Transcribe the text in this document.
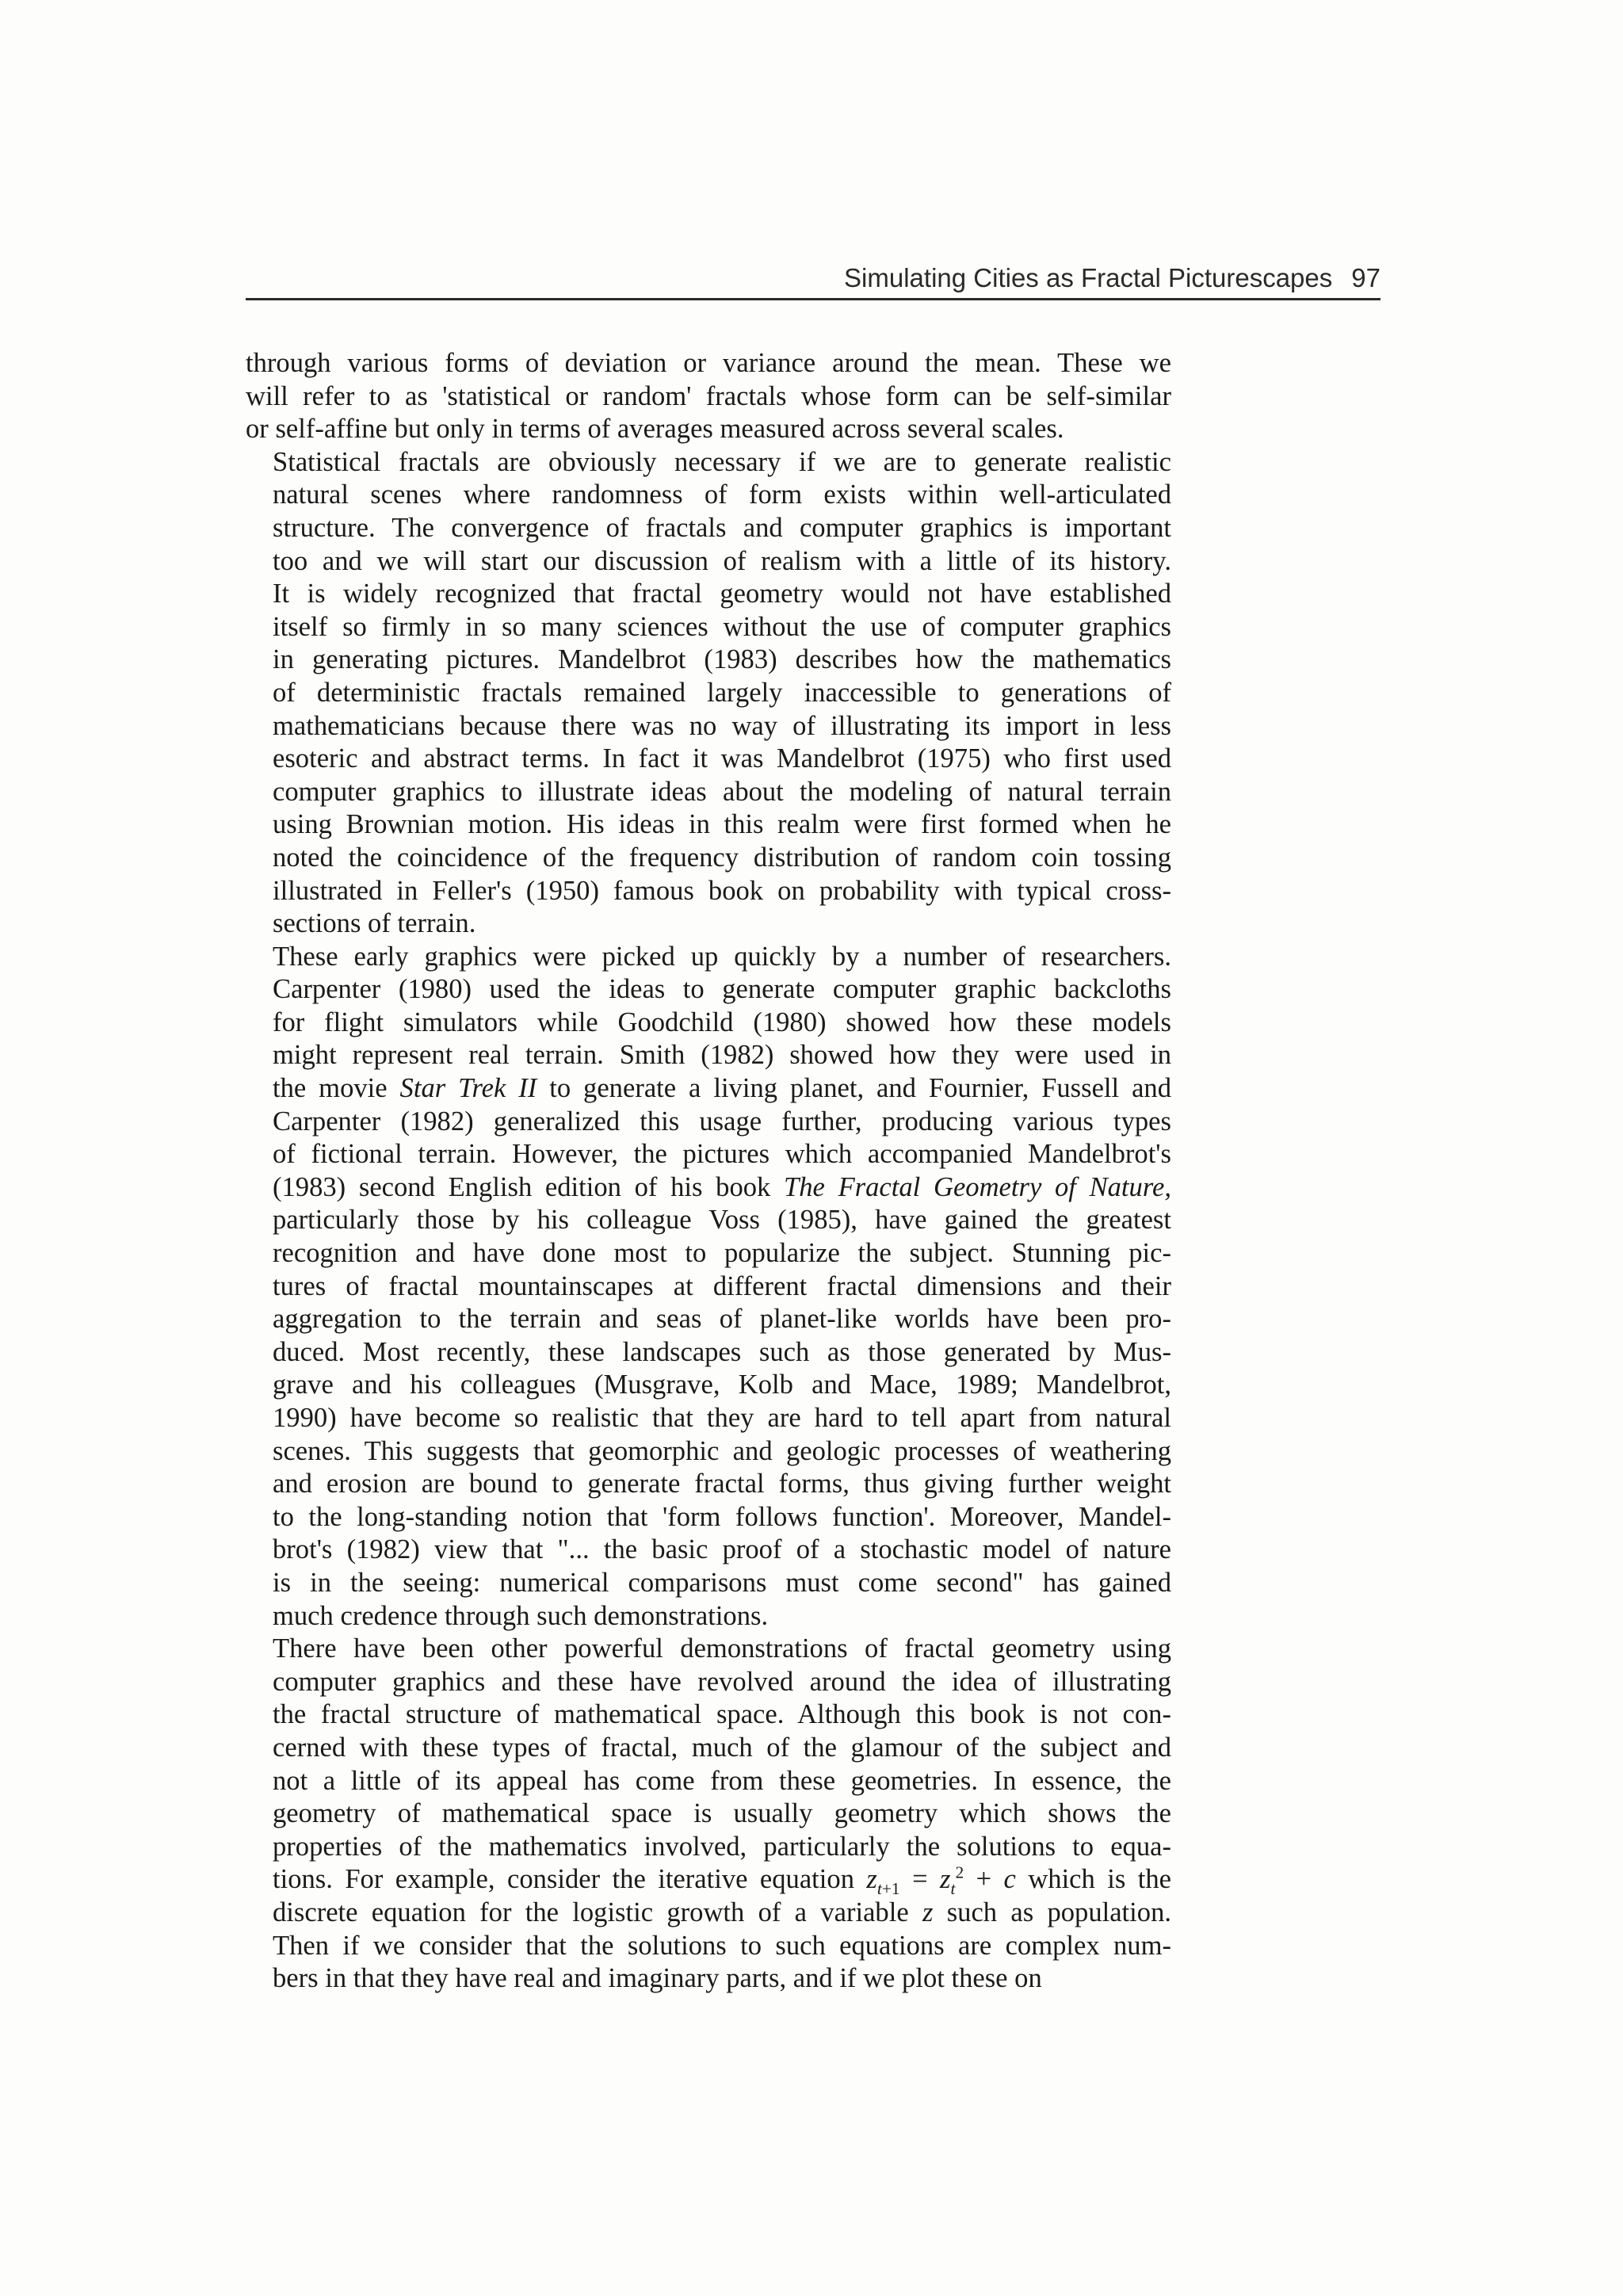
Simulating Cities as Fractal Picturescapes 97

through various forms of deviation or variance around the mean. These we
will refer to as 'statistical or random' fractals whose form can be self-similar
or self-affine but only in terms of averages measured across several scales.

Statistical fractals are obviously necessary if we are to generate realistic
natural scenes where randomness of form exists within well-articulated
structure. The convergence of fractals and computer graphics is important
too and we will start our discussion of realism with a little of its history.
It is widely recognized that fractal geometry would not have established
itself so firmly in so many sciences without the use of computer graphics
in generating pictures. Mandelbrot (1983) describes how the mathematics
of deterministic fractals remained largely inaccessible to generations of
mathematicians because there was no way of illustrating its import in less
esoteric and abstract terms. In fact it was Mandelbrot (1975) who first used
computer graphics to illustrate ideas about the modeling of natural terrain
using Brownian motion. His ideas in this realm were first formed when he
noted the coincidence of the frequency distribution of random coin tossing
illustrated in Feller's (1950) famous book on probability with typical cross-
sections of terrain.

These early graphics were picked up quickly by a number of researchers.
Carpenter (1980) used the ideas to generate computer graphic backcloths
for flight simulators while Goodchild (1980) showed how these models
might represent real terrain. Smith (1982) showed how they were used in
the movie Star Trek II to generate a living planet, and Fournier, Fussell and
Carpenter (1982) generalized this usage further, producing various types
of fictional terrain. However, the pictures which accompanied Mandelbrot's
(1983) second English edition of his book The Fractal Geometry of Nature,
particularly those by his colleague Voss (1985), have gained the greatest
recognition and have done most to popularize the subject. Stunning pic-
tures of fractal mountainscapes at different fractal dimensions and their
aggregation to the terrain and seas of planet-like worlds have been pro-
duced. Most recently, these landscapes such as those generated by Mus-
grave and his colleagues (Musgrave, Kolb and Mace, 1989; Mandelbrot,
1990) have become so realistic that they are hard to tell apart from natural
scenes. This suggests that geomorphic and geologic processes of weathering
and erosion are bound to generate fractal forms, thus giving further weight
to the long-standing notion that 'form follows function'. Moreover, Mandel-
brot's (1982) view that "... the basic proof of a stochastic model of nature
is in the seeing: numerical comparisons must come second" has gained
much credence through such demonstrations.

There have been other powerful demonstrations of fractal geometry using
computer graphics and these have revolved around the idea of illustrating
the fractal structure of mathematical space. Although this book is not con-
cerned with these types of fractal, much of the glamour of the subject and
not a little of its appeal has come from these geometries. In essence, the
geometry of mathematical space is usually geometry which shows the
properties of the mathematics involved, particularly the solutions to equa-
tions. For example, consider the iterative equation $z_{t+1} = z_t^2 + c$ which is the
discrete equation for the logistic growth of a variable z such as population.
Then if we consider that the solutions to such equations are complex num-
bers in that they have real and imaginary parts, and if we plot these on
